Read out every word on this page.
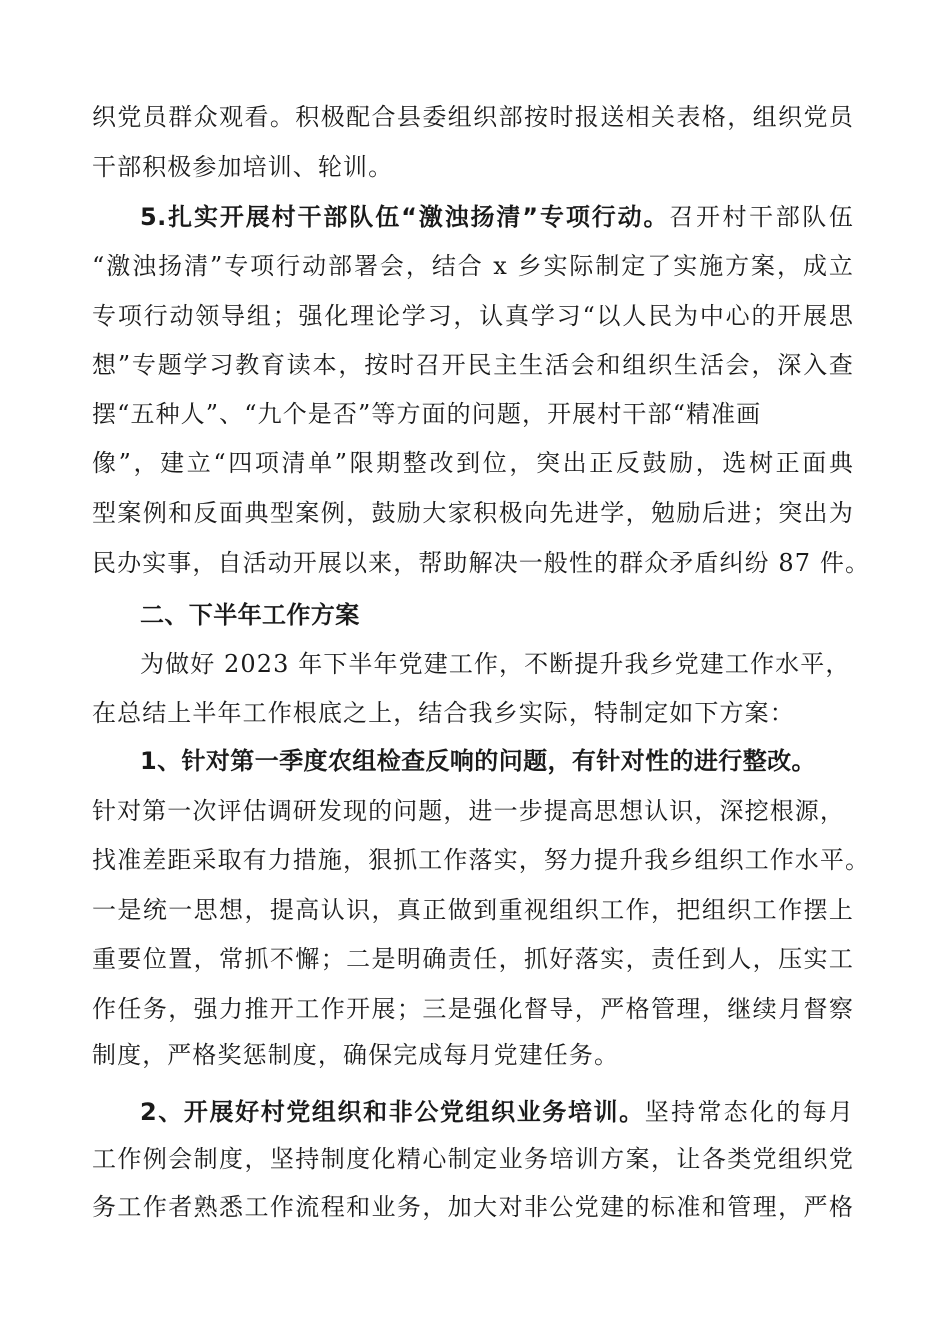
织党员群众观看。积极配合县委组织部按时报送相关表格，组织党员
干部积极参加培训、轮训。
5.扎实开展村干部队伍“激浊扬清”专项行动。召开村干部队伍
“激浊扬清”专项行动部署会，结合 x 乡实际制定了实施方案，成立
专项行动领导组；强化理论学习，认真学习“以人民为中心的开展思
想”专题学习教育读本，按时召开民主生活会和组织生活会，深入查
摆“五种人”、“九个是否”等方面的问题，开展村干部“精准画
像”，建立“四项清单”限期整改到位，突出正反鼓励，选树正面典
型案例和反面典型案例，鼓励大家积极向先进学，勉励后进；突出为
民办实事，自活动开展以来，帮助解决一般性的群众矛盾纠纷 87 件。
二、下半年工作方案
为做好 2023 年下半年党建工作，不断提升我乡党建工作水平，
在总结上半年工作根底之上，结合我乡实际，特制定如下方案：
1、针对第一季度农组检查反响的问题，有针对性的进行整改。
针对第一次评估调研发现的问题，进一步提高思想认识，深挖根源，
找准差距采取有力措施，狠抓工作落实，努力提升我乡组织工作水平。
一是统一思想，提高认识，真正做到重视组织工作，把组织工作摆上
重要位置，常抓不懈；二是明确责任，抓好落实，责任到人，压实工
作任务，强力推开工作开展；三是强化督导，严格管理，继续月督察
制度，严格奖惩制度，确保完成每月党建任务。
2、开展好村党组织和非公党组织业务培训。坚持常态化的每月
工作例会制度，坚持制度化精心制定业务培训方案，让各类党组织党
务工作者熟悉工作流程和业务，加大对非公党建的标准和管理，严格
